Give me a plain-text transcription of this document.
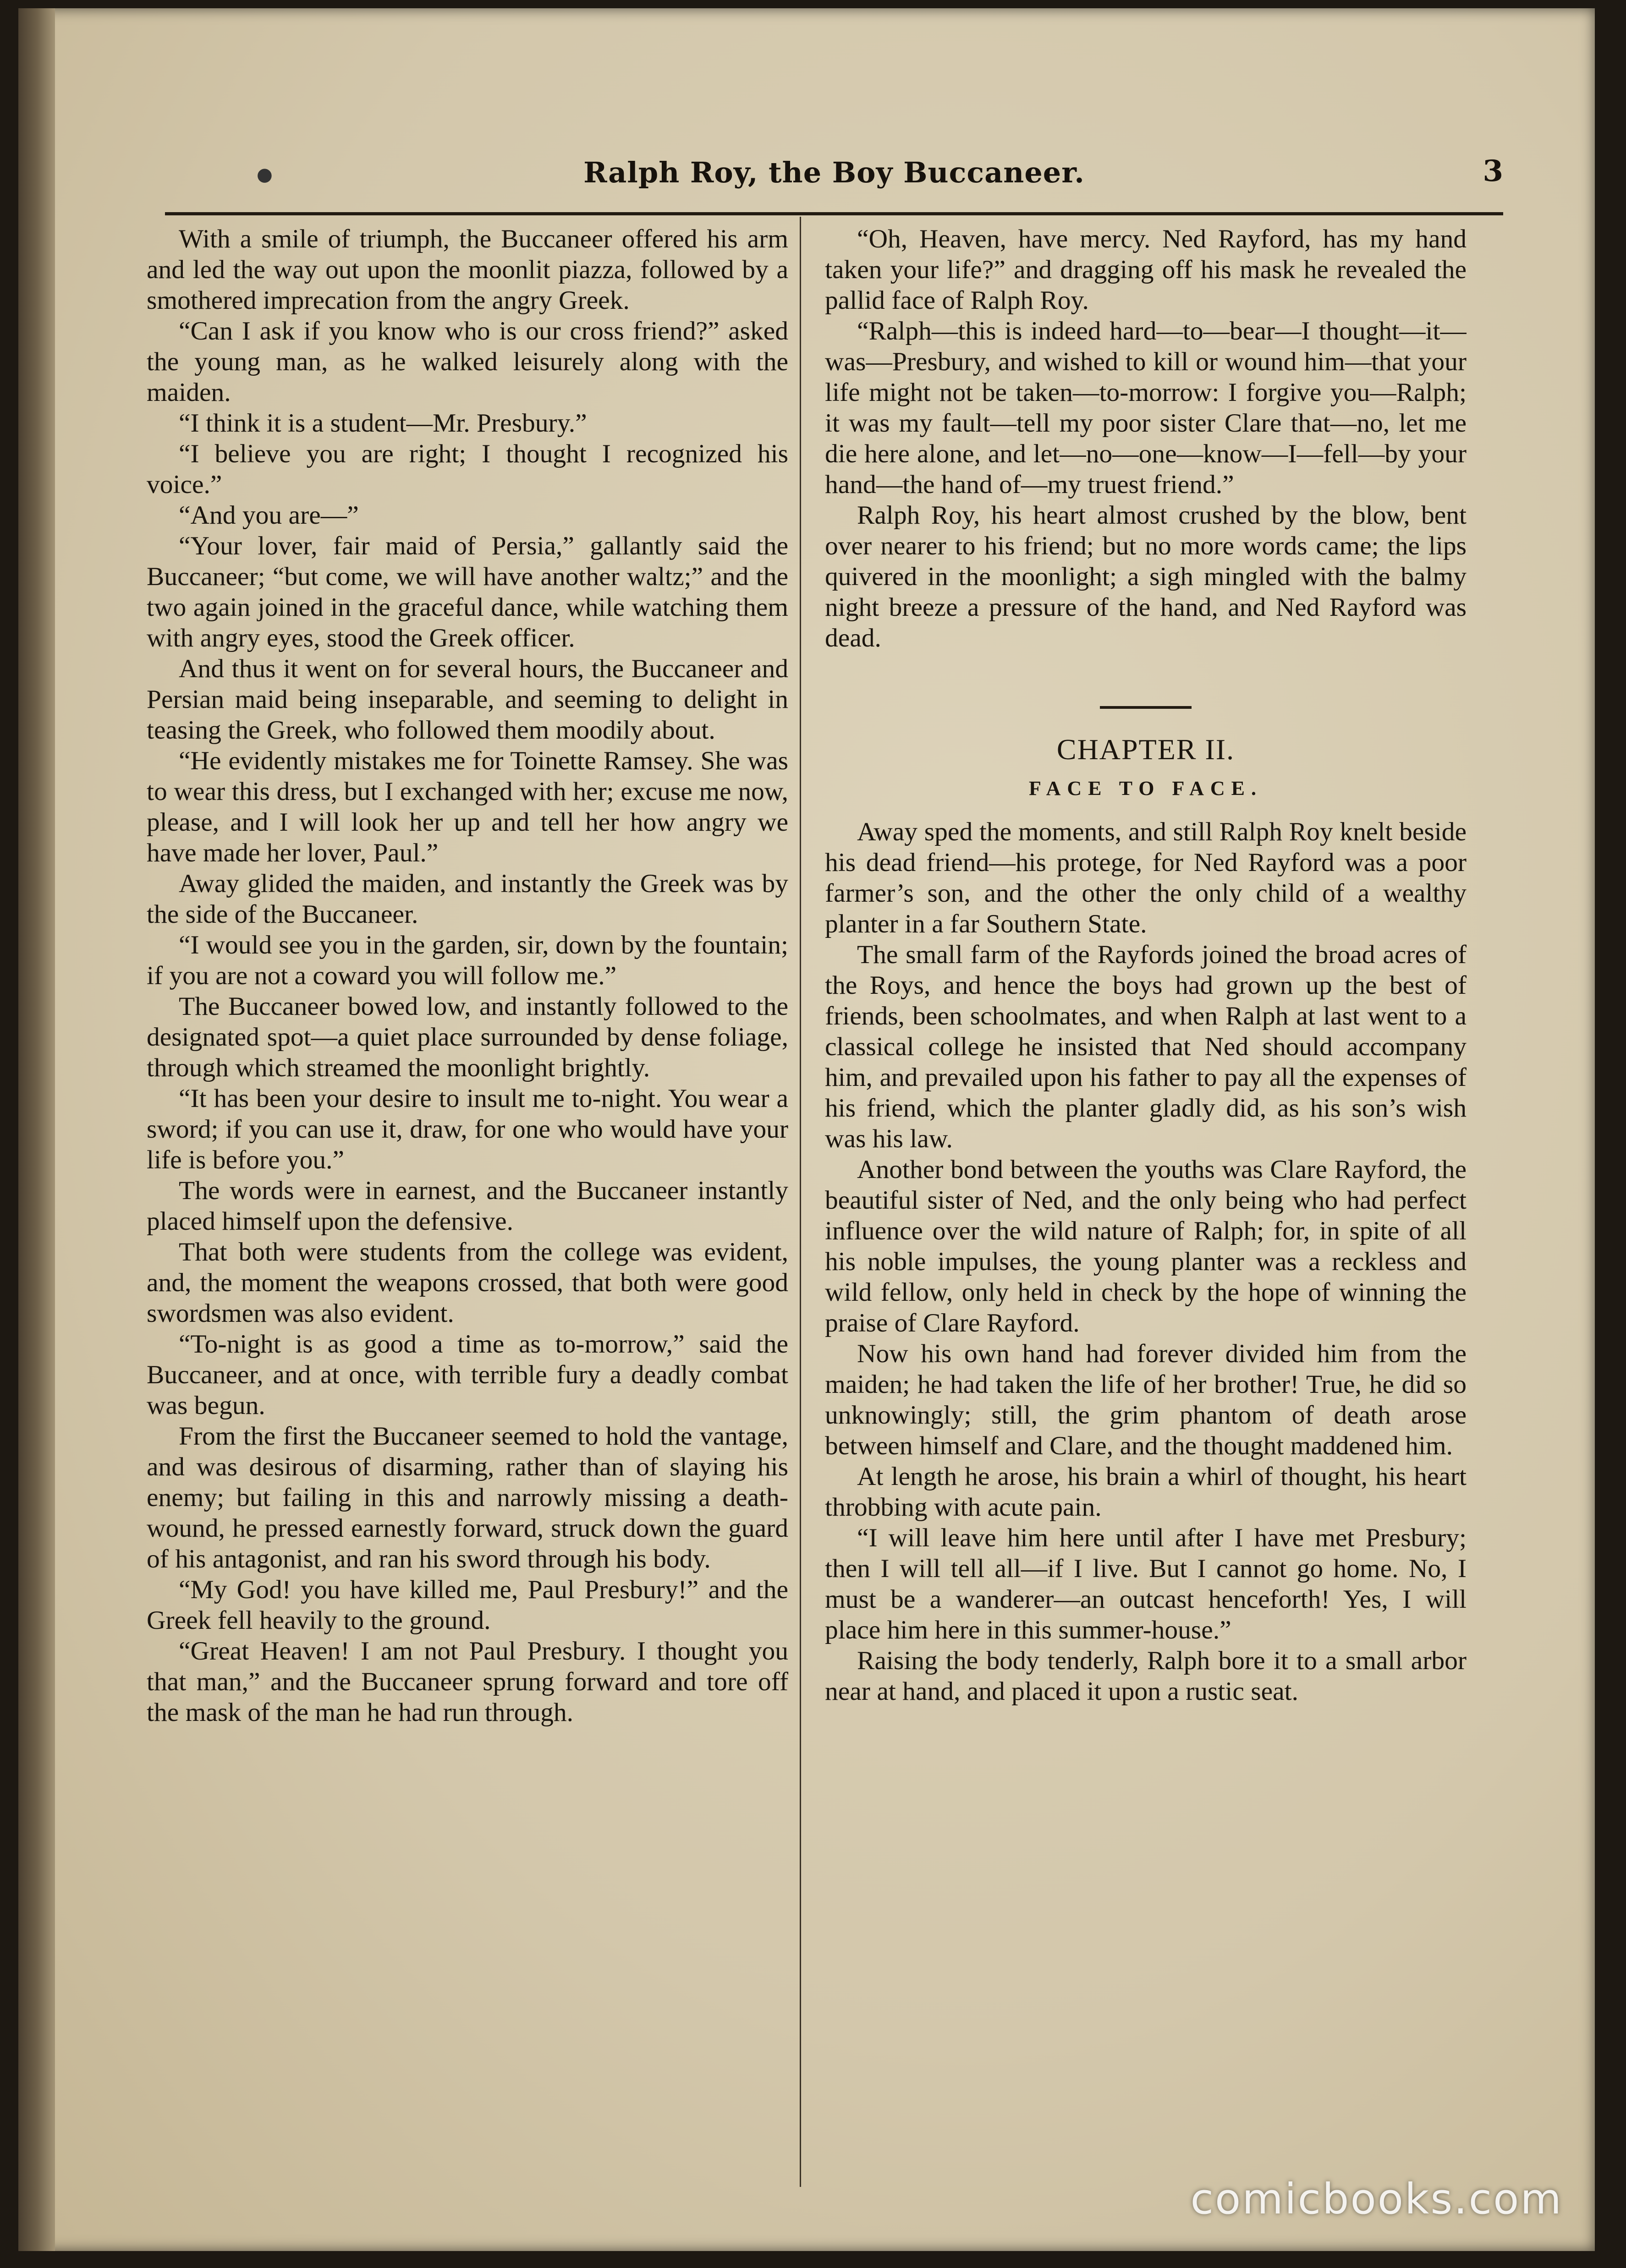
●	Ralph Roy, the Boy Buccaneer.	3

With a smile of triumph, the Buccaneer offered his arm and led the way out upon the moonlit piazza, followed by a smothered imprecation from the angry Greek.

“Can I ask if you know who is our cross friend?” asked the young man, as he walked leisurely along with the maiden.

“I think it is a student—Mr. Presbury.”

“I believe you are right; I thought I recognized his voice.”

“And you are—”

“Your lover, fair maid of Persia,” gallantly said the Buccaneer; “but come, we will have another waltz;” and the two again joined in the graceful dance, while watching them with angry eyes, stood the Greek officer.

And thus it went on for several hours, the Buccaneer and Persian maid being inseparable, and seeming to delight in teasing the Greek, who followed them moodily about.

“He evidently mistakes me for Toinette Ramsey. She was to wear this dress, but I exchanged with her; excuse me now, please, and I will look her up and tell her how angry we have made her lover, Paul.”

Away glided the maiden, and instantly the Greek was by the side of the Buccaneer.

“I would see you in the garden, sir, down by the fountain; if you are not a coward you will follow me.”

The Buccaneer bowed low, and instantly followed to the designated spot—a quiet place surrounded by dense foliage, through which streamed the moonlight brightly.

“It has been your desire to insult me to-night. You wear a sword; if you can use it, draw, for one who would have your life is before you.”

The words were in earnest, and the Buccaneer instantly placed himself upon the defensive.

That both were students from the college was evident, and, the moment the weapons crossed, that both were good swordsmen was also evident.

“To-night is as good a time as to-morrow,” said the Buccaneer, and at once, with terrible fury a deadly combat was begun.

From the first the Buccaneer seemed to hold the vantage, and was desirous of disarming, rather than of slaying his enemy; but failing in this and narrowly missing a death-wound, he pressed earnestly forward, struck down the guard of his antagonist, and ran his sword through his body.

“My God! you have killed me, Paul Presbury!” and the Greek fell heavily to the ground.

“Great Heaven! I am not Paul Presbury. I thought you that man,” and the Buccaneer sprung forward and tore off the mask of the man he had run through.

“Oh, Heaven, have mercy. Ned Rayford, has my hand taken your life?” and dragging off his mask he revealed the pallid face of Ralph Roy.

“Ralph—this is indeed hard—to—bear—I thought—it—was—Presbury, and wished to kill or wound him—that your life might not be taken—to-morrow: I forgive you—Ralph; it was my fault—tell my poor sister Clare that—no, let me die here alone, and let—no—one—know—I—fell—by your hand—the hand of—my truest friend.”

Ralph Roy, his heart almost crushed by the blow, bent over nearer to his friend; but no more words came; the lips quivered in the moonlight; a sigh mingled with the balmy night breeze a pressure of the hand, and Ned Rayford was dead.

CHAPTER II.

FACE TO FACE.

Away sped the moments, and still Ralph Roy knelt beside his dead friend—his protege, for Ned Rayford was a poor farmer’s son, and the other the only child of a wealthy planter in a far Southern State.

The small farm of the Rayfords joined the broad acres of the Roys, and hence the boys had grown up the best of friends, been schoolmates, and when Ralph at last went to a classical college he insisted that Ned should accompany him, and prevailed upon his father to pay all the expenses of his friend, which the planter gladly did, as his son’s wish was his law.

Another bond between the youths was Clare Rayford, the beautiful sister of Ned, and the only being who had perfect influence over the wild nature of Ralph; for, in spite of all his noble impulses, the young planter was a reckless and wild fellow, only held in check by the hope of winning the praise of Clare Rayford.

Now his own hand had forever divided him from the maiden; he had taken the life of her brother! True, he did so unknowingly; still, the grim phantom of death arose between himself and Clare, and the thought maddened him.

At length he arose, his brain a whirl of thought, his heart throbbing with acute pain.

“I will leave him here until after I have met Presbury; then I will tell all—if I live. But I cannot go home. No, I must be a wanderer—an outcast henceforth! Yes, I will place him here in this summer-house.”

Raising the body tenderly, Ralph bore it to a small arbor near at hand, and placed it upon a rustic seat.

comicbooks.com
